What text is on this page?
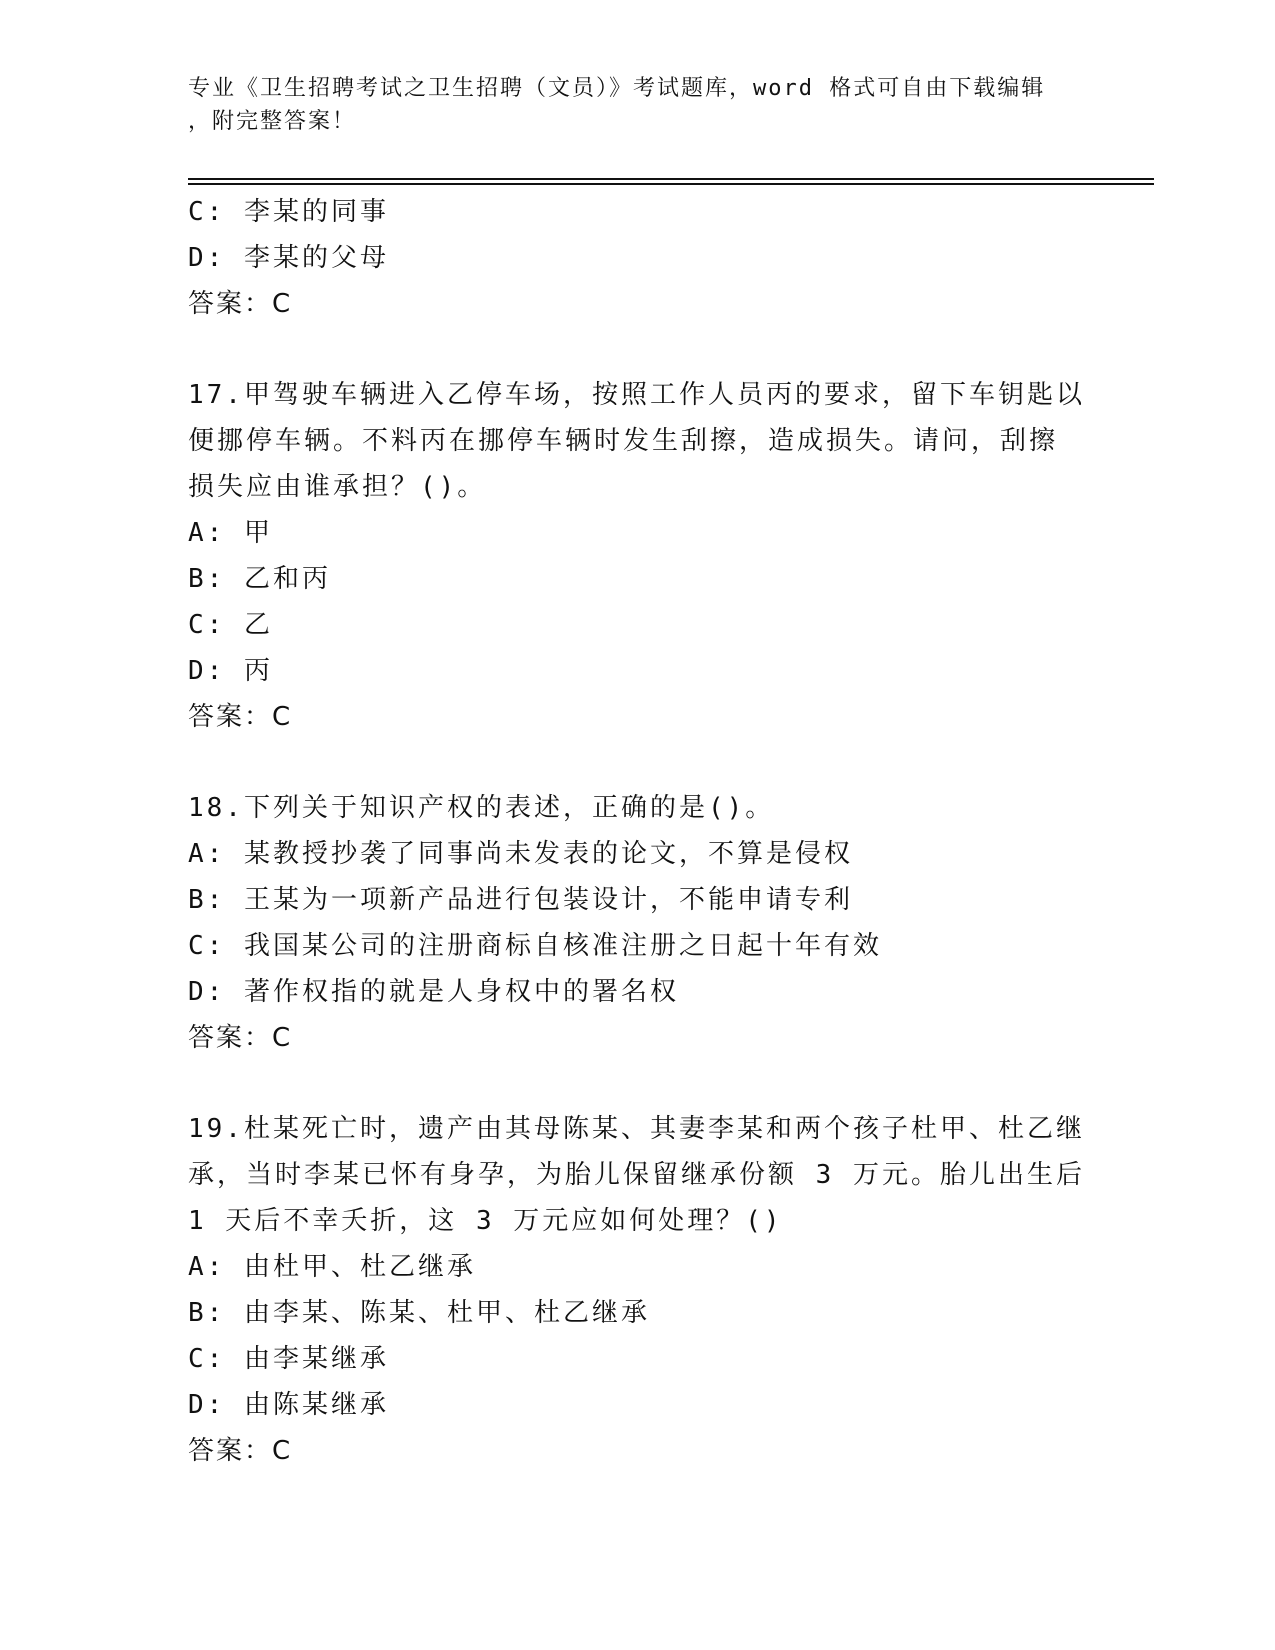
专业《卫生招聘考试之卫生招聘（文员）》考试题库，word 格式可自由下载编辑
，附完整答案！
C: 李某的同事
D: 李某的父母
答案：C
17.甲驾驶车辆进入乙停车场，按照工作人员丙的要求，留下车钥匙以
便挪停车辆。不料丙在挪停车辆时发生刮擦，造成损失。请问，刮擦
损失应由谁承担？()。
A: 甲
B: 乙和丙
C: 乙
D: 丙
答案：C
18.下列关于知识产权的表述，正确的是()。
A: 某教授抄袭了同事尚未发表的论文，不算是侵权
B: 王某为一项新产品进行包装设计，不能申请专利
C: 我国某公司的注册商标自核准注册之日起十年有效
D: 著作权指的就是人身权中的署名权
答案：C
19.杜某死亡时，遗产由其母陈某、其妻李某和两个孩子杜甲、杜乙继
承，当时李某已怀有身孕，为胎儿保留继承份额 3 万元。胎儿出生后
1 天后不幸夭折，这 3 万元应如何处理？()
A: 由杜甲、杜乙继承
B: 由李某、陈某、杜甲、杜乙继承
C: 由李某继承
D: 由陈某继承
答案：C
